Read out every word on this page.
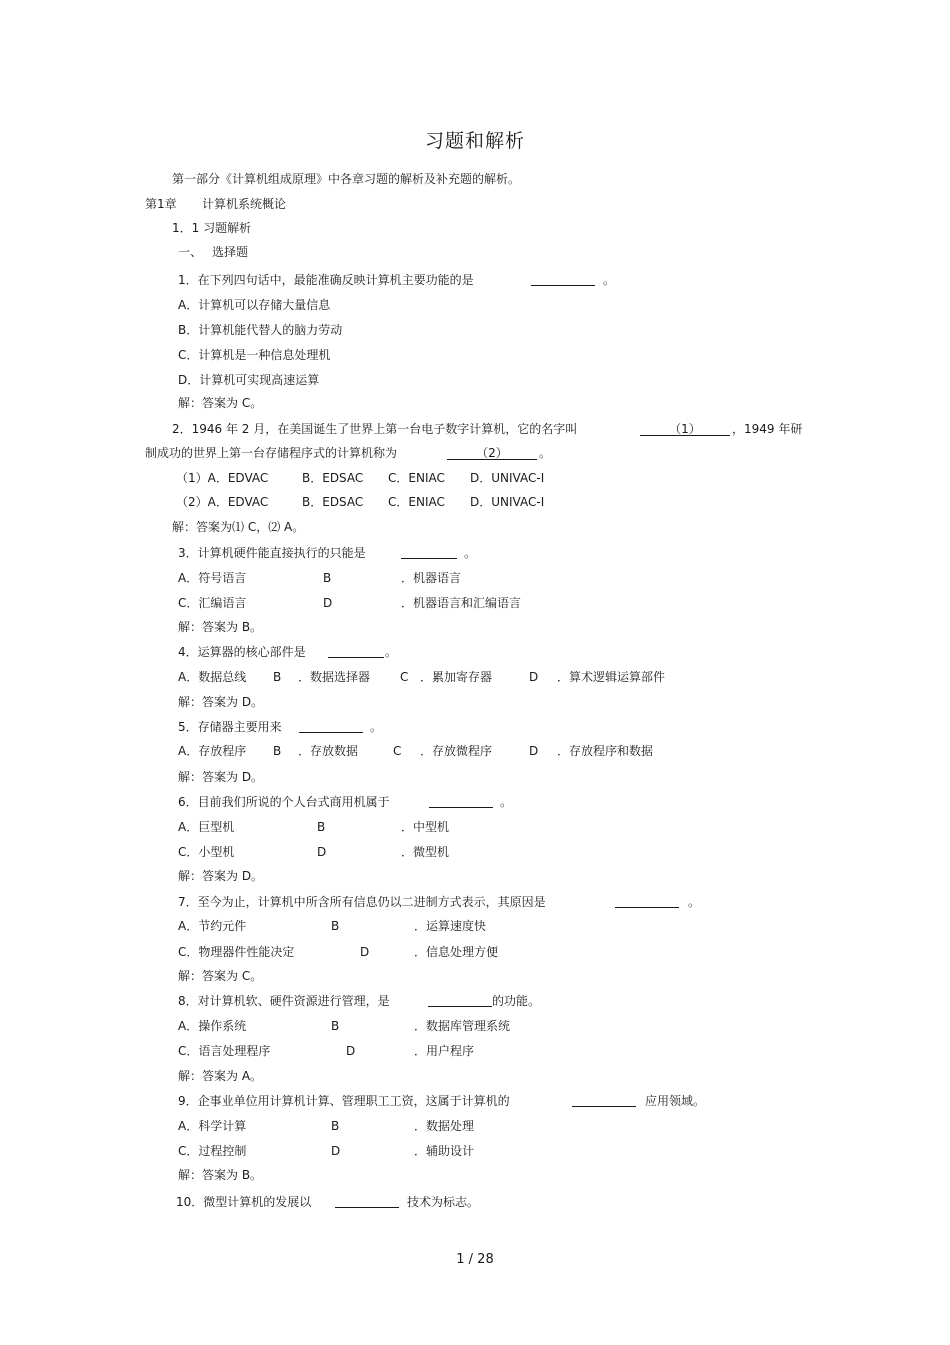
习题和解析
第一部分《计算机组成原理》中各章习题的解析及补充题的解析。
第1章 计算机系统概论
1．1 习题解析
一、 选择题
1．在下列四句话中，最能准确反映计算机主要功能的是	。
A．计算机可以存储大量信息
B．计算机能代替人的脑力劳动
C．计算机是一种信息处理机
D．计算机可实现高速运算
解：答案为 C。
2．1946 年 2 月，在美国诞生了世界上第一台电子数字计算机，它的名字叫	（1）	，1949 年研
制成功的世界上第一台存储程序式的计算机称为	（2）	。
（1）A．EDVAC	B．EDSAC C．ENIAC D．UNIVAC-Ⅰ
（2）A．EDVAC	B．EDSAC C．ENIAC D．UNIVAC-Ⅰ
解：答案为⑴ C，⑵ A。
3．计算机硬件能直接执行的只能是	。
A．符号语言	B	．机器语言
C．汇编语言	D	．机器语言和汇编语言
解：答案为 B。
4．运算器的核心部件是	。
A．数据总线 B ．数据选择器 C ．累加寄存器	D ．算术逻辑运算部件
解：答案为 D。
5．存储器主要用来	。
A．存放程序 B ．存放数据	C ．存放微程序	D ．存放程序和数据
解：答案为 D。
6．目前我们所说的个人台式商用机属于	。
A．巨型机	B	．中型机
C．小型机	D	．微型机
解：答案为 D。
7．至今为止，计算机中所含所有信息仍以二进制方式表示，其原因是	。
A．节约元件	B	．运算速度快
C．物理器件性能决定	D	．信息处理方便
解：答案为 C。
8．对计算机软、硬件资源进行管理，是	的功能。
A．操作系统	B	．数据库管理系统
C．语言处理程序	D	．用户程序
解：答案为 A。
9．企事业单位用计算机计算、管理职工工资，这属于计算机的	应用领域。
A．科学计算	B	．数据处理
C．过程控制	D	．辅助设计
解：答案为 B。
10．微型计算机的发展以	技术为标志。
1 / 28
